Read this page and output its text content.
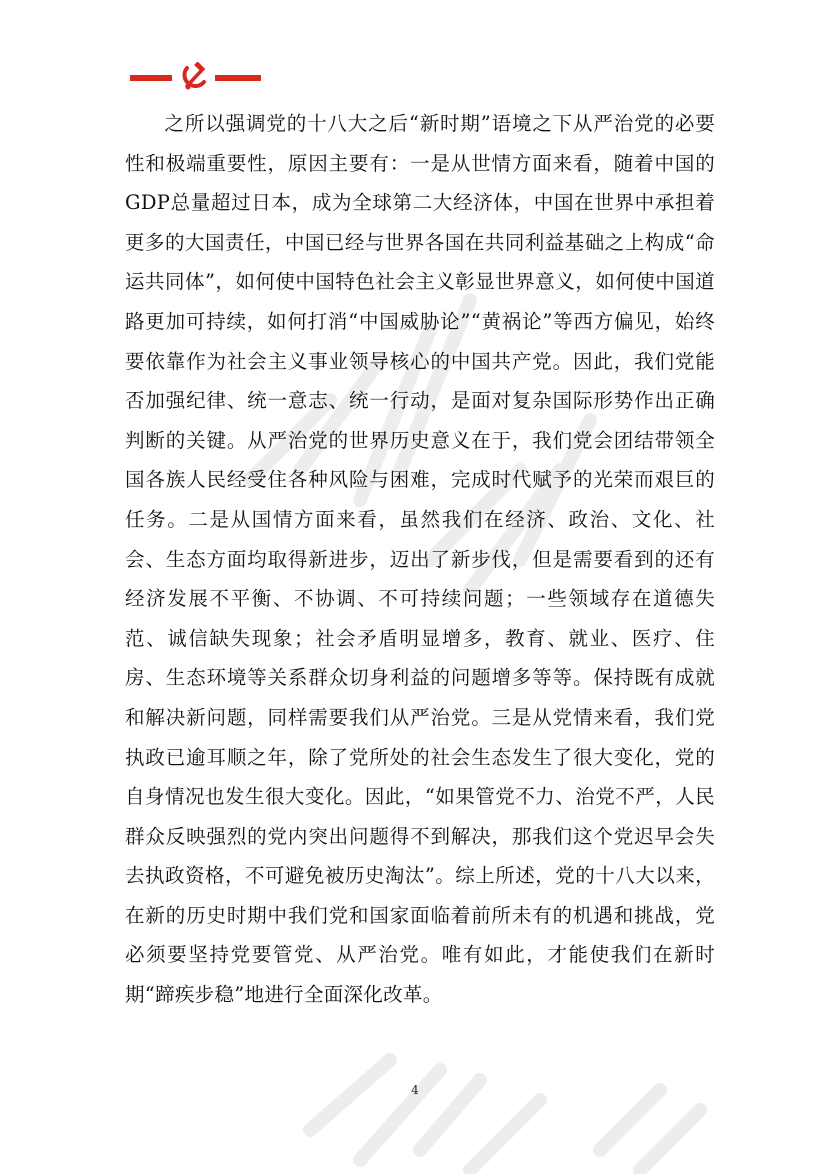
之所以强调党的十八大之后“新时期”语境之下从严治党的必要性和极端重要性，原因主要有：一是从世情方面来看，随着中国的GDP总量超过日本，成为全球第二大经济体，中国在世界中承担着更多的大国责任，中国已经与世界各国在共同利益基础之上构成“命运共同体”，如何使中国特色社会主义彰显世界意义，如何使中国道路更加可持续，如何打消“中国威胁论”“黄祸论”等西方偏见，始终要依靠作为社会主义事业领导核心的中国共产党。因此，我们党能否加强纪律、统一意志、统一行动，是面对复杂国际形势作出正确判断的关键。从严治党的世界历史意义在于，我们党会团结带领全国各族人民经受住各种风险与困难，完成时代赋予的光荣而艰巨的任务。二是从国情方面来看，虽然我们在经济、政治、文化、社会、生态方面均取得新进步，迈出了新步伐，但是需要看到的还有经济发展不平衡、不协调、不可持续问题；一些领域存在道德失范、诚信缺失现象；社会矛盾明显增多，教育、就业、医疗、住房、生态环境等关系群众切身利益的问题增多等等。保持既有成就和解决新问题，同样需要我们从严治党。三是从党情来看，我们党执政已逾耳顺之年，除了党所处的社会生态发生了很大变化，党的自身情况也发生很大变化。因此，“如果管党不力、治党不严，人民群众反映强烈的党内突出问题得不到解决，那我们这个党迟早会失去执政资格，不可避免被历史淘汰”。综上所述，党的十八大以来，在新的历史时期中我们党和国家面临着前所未有的机遇和挑战，党必须要坚持党要管党、从严治党。唯有如此，才能使我们在新时期“蹄疾步稳”地进行全面深化改革。

4
